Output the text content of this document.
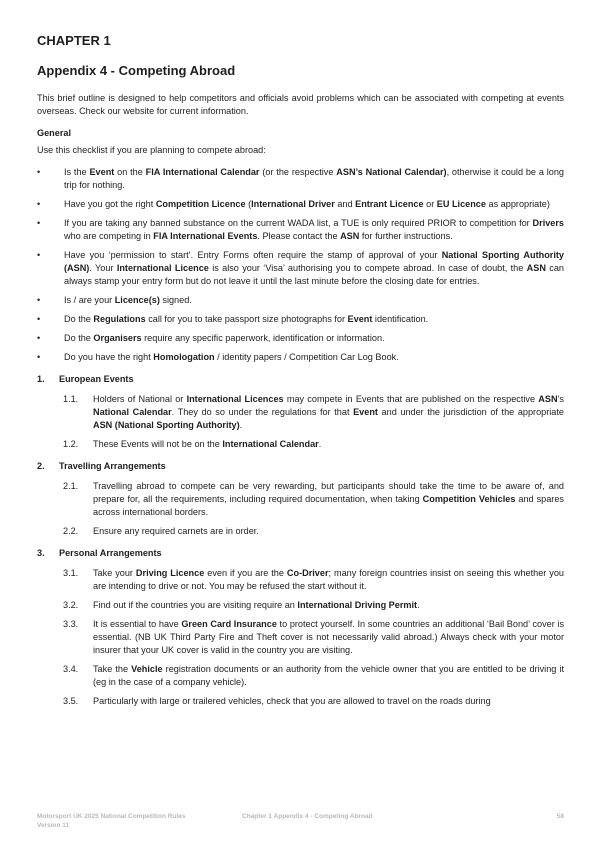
CHAPTER 1
Appendix 4 - Competing Abroad

This brief outline is designed to help competitors and officials avoid problems which can be associated with competing at events overseas. Check our website for current information.

General

Use this checklist if you are planning to compete abroad:

•	Is the Event on the FIA International Calendar (or the respective ASN’s National Calendar), otherwise it could be a long trip for nothing.
•	Have you got the right Competition Licence (International Driver and Entrant Licence or EU Licence as appropriate)
•	If you are taking any banned substance on the current WADA list, a TUE is only required PRIOR to competition for Drivers who are competing in FIA International Events. Please contact the ASN for further instructions.
•	Have you ‘permission to start’. Entry Forms often require the stamp of approval of your National Sporting Authority (ASN). Your International Licence is also your ‘Visa’ authorising you to compete abroad. In case of doubt, the ASN can always stamp your entry form but do not leave it until the last minute before the closing date for entries.
•	Is / are your Licence(s) signed.
•	Do the Regulations call for you to take passport size photographs for Event identification.
•	Do the Organisers require any specific paperwork, identification or information.
•	Do you have the right Homologation / identity papers / Competition Car Log Book.
1.	European Events
1.1.	Holders of National or International Licences may compete in Events that are published on the respective ASN’s National Calendar. They do so under the regulations for that Event and under the jurisdiction of the appropriate ASN (National Sporting Authority).
1.2.	These Events will not be on the International Calendar.
2.	Travelling Arrangements
2.1.	Travelling abroad to compete can be very rewarding, but participants should take the time to be aware of, and prepare for, all the requirements, including required documentation, when taking Competition Vehicles and spares across international borders.
2.2.	Ensure any required carnets are in order.
3.	Personal Arrangements
3.1.	Take your Driving Licence even if you are the Co-Driver; many foreign countries insist on seeing this whether you are intending to drive or not. You may be refused the start without it.
3.2.	Find out if the countries you are visiting require an International Driving Permit.
3.3.	It is essential to have Green Card Insurance to protect yourself. In some countries an additional ‘Bail Bond’ cover is essential. (NB UK Third Party Fire and Theft cover is not necessarily valid abroad.) Always check with your motor insurer that your UK cover is valid in the country you are visiting.
3.4.	Take the Vehicle registration documents or an authority from the vehicle owner that you are entitled to be driving it (eg in the case of a company vehicle).
3.5.	Particularly with large or trailered vehicles, check that you are allowed to travel on the roads during
Motorsport UK 2025 National Competition Rules
Version 11
Chapter 1 Appendix 4 - Competing Abroad	58
